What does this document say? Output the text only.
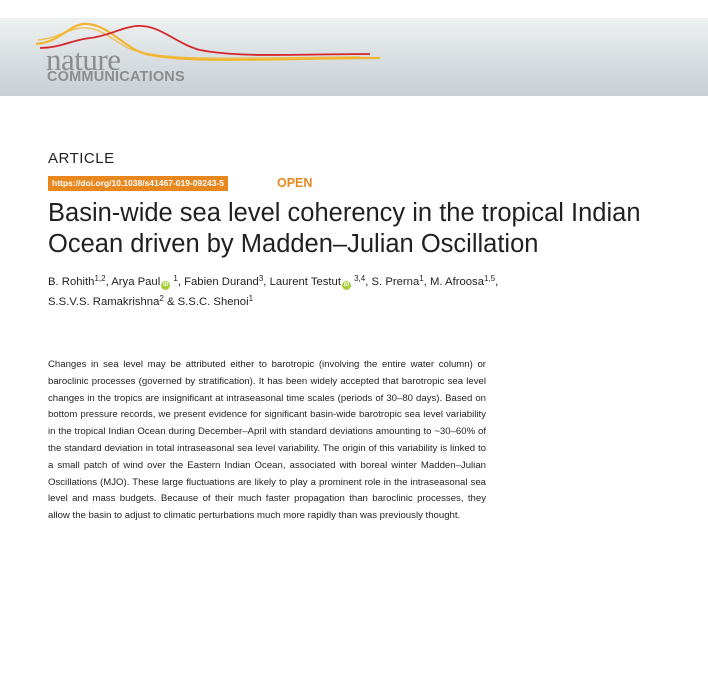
nature
COMMUNICATIONS
ARTICLE
https://doi.org/10.1038/s41467-019-09243-5	OPEN
Basin-wide sea level coherency in the tropical Indian Ocean driven by Madden–Julian Oscillation
B. Rohith$^{1,2}$, Arya Paul iD $^1$, Fabien Durand$^3$, Laurent Testut iD $^{3,4}$, S. Prerna$^1$, M. Afroosa$^{1,5}$,
S.S.V.S. Ramakrishna$^2$ & S.S.C. Shenoi$^1$

Changes in sea level may be attributed either to barotropic (involving the entire water column) or baroclinic processes (governed by stratification). It has been widely accepted that barotropic sea level changes in the tropics are insignificant at intraseasonal time scales (periods of 30–80 days). Based on bottom pressure records, we present evidence for significant basin-wide barotropic sea level variability in the tropical Indian Ocean during December–April with standard deviations amounting to ~30–60% of the standard deviation in total intraseasonal sea level variability. The origin of this variability is linked to a small patch of wind over the Eastern Indian Ocean, associated with boreal winter Madden–Julian Oscillations (MJO). These large fluctuations are likely to play a prominent role in the intraseasonal sea level and mass budgets. Because of their much faster propagation than baroclinic processes, they allow the basin to adjust to climatic perturbations much more rapidly than was previously thought.
